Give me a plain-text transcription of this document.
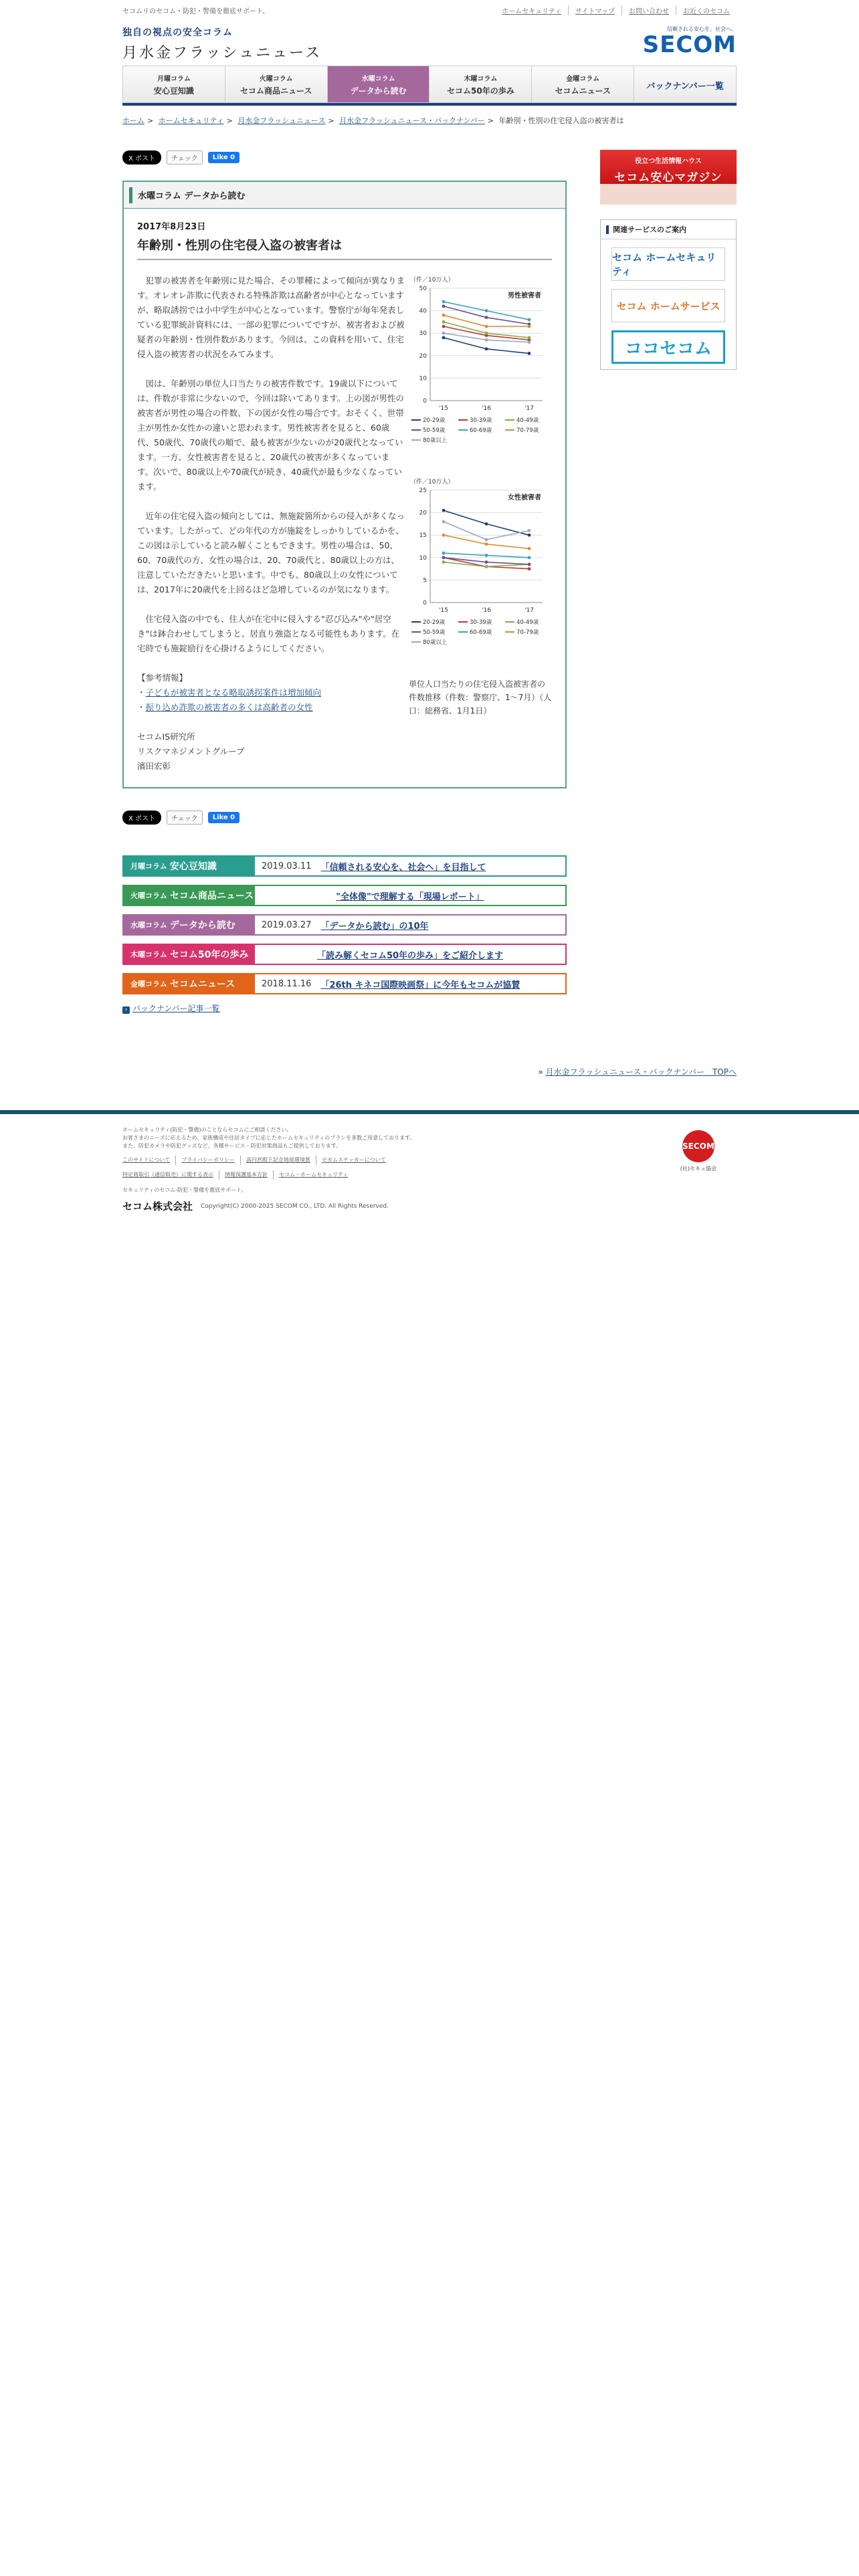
セコムリのセコム・防犯・警備を徹底サポート。	ホームセキュリティ	サイトマップ	お問い合わせ	お近くのセコム
独自の視点の安全コラム
月水金フラッシュニュース
信頼される安心を、社会へ。
SECOM
月曜コラム
安心豆知識
火曜コラム
セコム商品ニュース
水曜コラム
データから読む
木曜コラム
セコム50年の歩み
金曜コラム
セコムニュース	バックナンバー一覧
ホーム > ホームセキュリティ > 月水金フラッシュニュース > 月水金フラッシュニュース・バックナンバー > 年齢別・性別の住宅侵入盗の被害者は
X ポスト	チェック	Like 0
水曜コラム データから読む
2017年8月23日
年齢別・性別の住宅侵入盗の被害者は

犯罪の被害者を年齢別に見た場合、その罪種によって傾向が異なります。オレオレ詐欺に代表される特殊詐欺は高齢者が中心となっていますが、略取誘拐では小中学生が中心となっています。警察庁が毎年発表している犯罪統計資料には、一部の犯罪についてですが、被害者および被疑者の年齢別・性別件数があります。今回は、この資料を用いて、住宅侵入盗の被害者の状況をみてみます。

図は、年齢別の単位人口当たりの被害件数です。19歳以下については、件数が非常に少ないので、今回は除いてあります。上の図が男性の被害者が男性の場合の件数、下の図が女性の場合です。おそくく、世帯主が男性か女性かの違いと思われます。男性被害者を見ると、60歳代、50歳代、70歳代の順で、最も被害が少ないのが20歳代となっています。一方、女性被害者を見ると、20歳代の被害が多くなっています。次いで、80歳以上や70歳代が続き、40歳代が最も少なくなっています。

近年の住宅侵入盗の傾向としては、無施錠箇所からの侵入が多くなっています。したがって、どの年代の方が施錠をしっかりしているかを、この図は示していると読み解くこともできます。男性の場合は、50、60、70歳代の方、女性の場合は、20、70歳代と、80歳以上の方は、注意していただきたいと思います。中でも、80歳以上の女性については、2017年に20歳代を上回るほど急増しているのが気になります。

住宅侵入盗の中でも、住人が在宅中に侵入する"忍び込み"や"居空き"は鉢合わせしてしまうと、居直り強盗となる可能性もあります。在宅時でも施錠励行を心掛けるようにしてください。

【参考情報】
・子どもが被害者となる略取誘拐案件は増加傾向
・振り込め詐欺の被害者の多くは高齢者の女性
セコムIS研究所
リスクマネジメントグループ
濱田宏彰
（件／10万人）
男性被害者
0
10
20
30
40
50
'15	'16	'17
20-29歳	30-39歳	40-49歳
50-59歳	60-69歳	70-79歳
80歳以上
（件／10万人）
女性被害者
0
5
10
15
20
25
'15	'16	'17
20-29歳	30-39歳	40-49歳
50-59歳	60-69歳	70-79歳
80歳以上
単位人口当たりの住宅侵入盗被害者の件数推移（件数：警察庁、1～7月）（人口：総務省、1月1日）
X ポスト	チェック	Like 0
月曜コラム 安心豆知識	2019.03.11 「信頼される安心を、社会へ」を目指して
火曜コラム セコム商品ニュース	"全体像"で理解する「現場レポート」
水曜コラム データから読む	2019.03.27 「データから読む」の10年
木曜コラム セコム50年の歩み	「読み解くセコム50年の歩み」をご紹介します
金曜コラム セコムニュース	2018.11.16 「26th キネコ国際映画祭」に今年もセコムが協賛
› バックナンバー記事一覧
役立つ生活情報ハウス
セコム安心マガジン
関連サービスのご案内
セコム ホームセキュリティ
セコム ホームサービス
ココセコム
» 月水金フラッシュニュース・バックナンバー　TOPへ
ホームセキュリティ(防犯・警備)のことならセコムにご相談ください。
お客さまのニーズに応えるため、家族構成や住居タイプに応じたホームセキュリティのプランを多数ご用意しております。
また、防犯カメラや防犯グッズなど、各種サービス・防犯対策商品もご提供しております。
このサイトについて	プライバシーポリシー	高円宮殿下記念地球環境賞	ゼカムステッカーについて
特定商取引（通信販売）に関する表示	情報保護基本方針	セコム・ホームセキュリティ
セキュリティのセコム-防犯・警備を徹底サポート。
セコム株式会社 Copyright(C) 2000-2025 SECOM CO., LTD. All Rights Reserved.
SECOM
(社)セキュ協会
